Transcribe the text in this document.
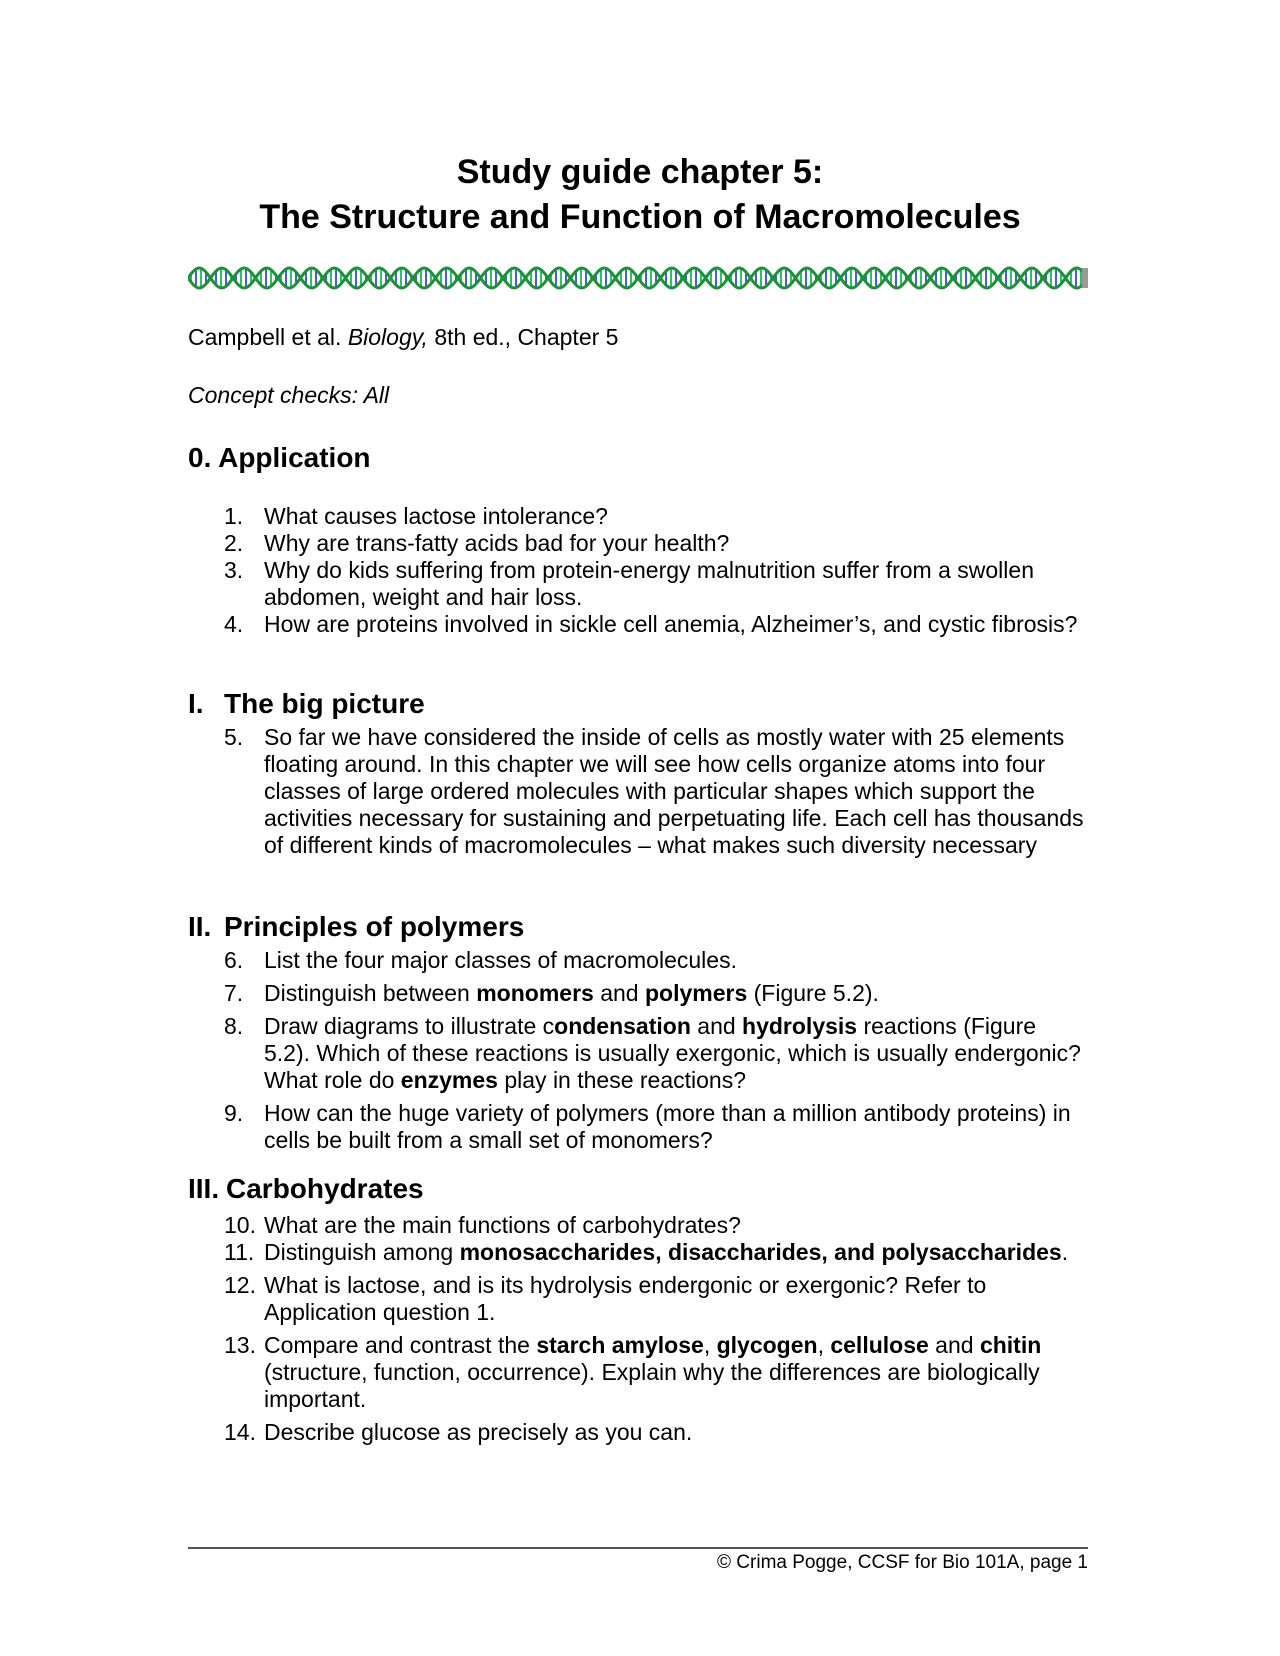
Study guide chapter 5:
The Structure and Function of Macromolecules

Campbell et al. Biology, 8th ed., Chapter 5

Concept checks: All

0. Application
1. What causes lactose intolerance?
2. Why are trans-fatty acids bad for your health?
3. Why do kids suffering from protein-energy malnutrition suffer from a swollen abdomen, weight and hair loss.
4. How are proteins involved in sickle cell anemia, Alzheimer’s, and cystic fibrosis?
I. The big picture
5. So far we have considered the inside of cells as mostly water with 25 elements floating around. In this chapter we will see how cells organize atoms into four classes of large ordered molecules with particular shapes which support the activities necessary for sustaining and perpetuating life. Each cell has thousands of different kinds of macromolecules – what makes such diversity necessary
II. Principles of polymers
6. List the four major classes of macromolecules.
7. Distinguish between monomers and polymers (Figure 5.2).
8. Draw diagrams to illustrate condensation and hydrolysis reactions (Figure 5.2). Which of these reactions is usually exergonic, which is usually endergonic? What role do enzymes play in these reactions?
9. How can the huge variety of polymers (more than a million antibody proteins) in cells be built from a small set of monomers?
III. Carbohydrates
10. What are the main functions of carbohydrates?
11. Distinguish among monosaccharides, disaccharides, and polysaccharides.
12. What is lactose, and is its hydrolysis endergonic or exergonic? Refer to Application question 1.
13. Compare and contrast the starch amylose, glycogen, cellulose and chitin (structure, function, occurrence). Explain why the differences are biologically important.
14. Describe glucose as precisely as you can.

© Crima Pogge, CCSF for Bio 101A, page 1
